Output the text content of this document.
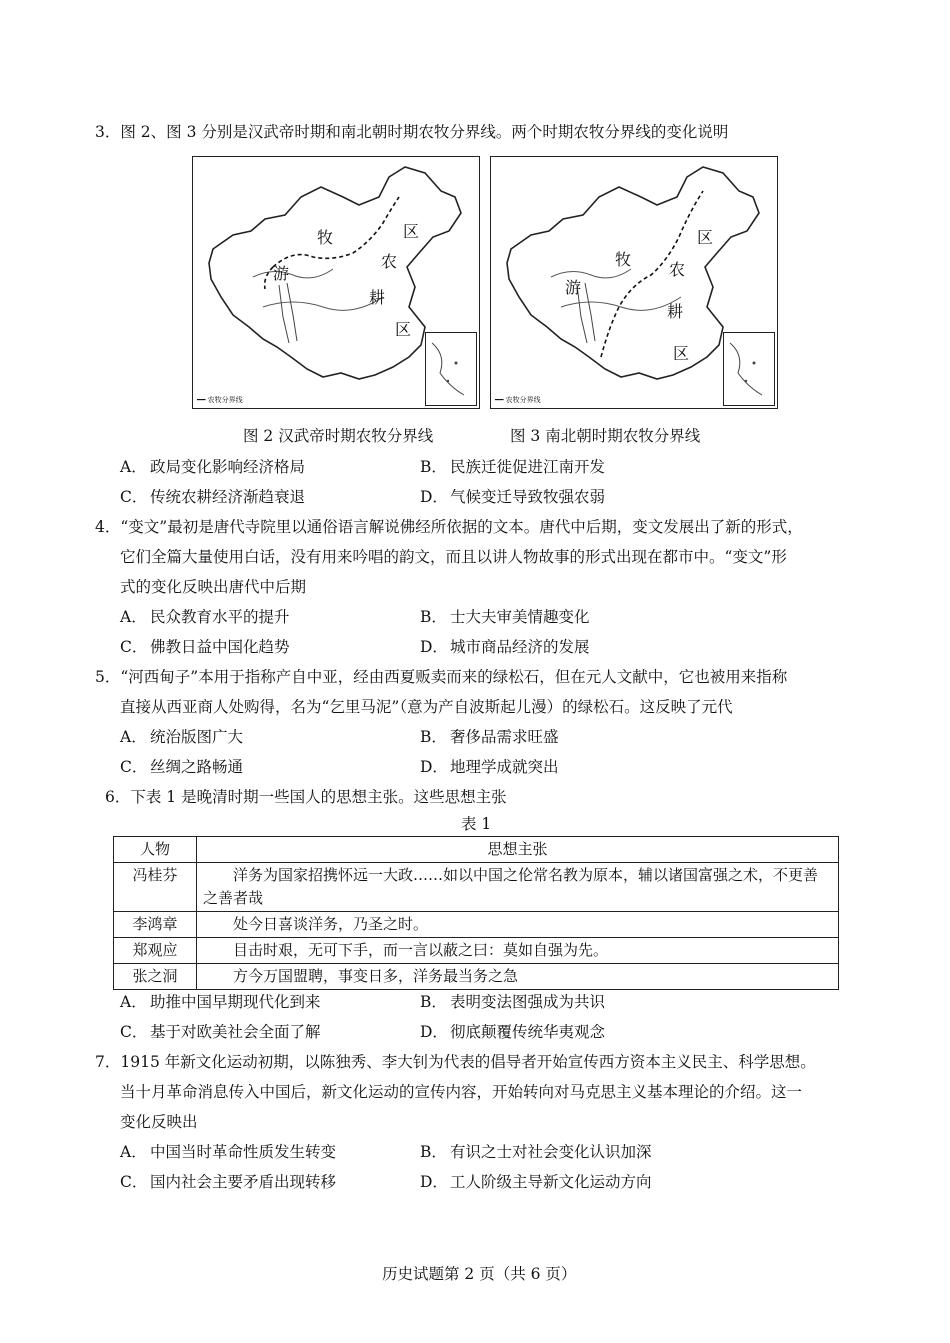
3．图 2、图 3 分别是汉武帝时期和南北朝时期农牧分界线。两个时期农牧分界线的变化说明
牧	区
游
农
耕
区
━━ 农牧分界线
牧
区
游
农
耕
区
━━ 农牧分界线
图 2 汉武帝时期农牧分界线	图 3 南北朝时期农牧分界线
A． 政局变化影响经济格局	B． 民族迁徙促进江南开发
C． 传统农耕经济渐趋衰退	D． 气候变迁导致牧强农弱
4．“变文”最初是唐代寺院里以通俗语言解说佛经所依据的文本。唐代中后期，变文发展出了新的形式，
它们全篇大量使用白话，没有用来吟唱的韵文，而且以讲人物故事的形式出现在都市中。“变文”形
式的变化反映出唐代中后期
A． 民众教育水平的提升	B． 士大夫审美情趣变化
C． 佛教日益中国化趋势	D． 城市商品经济的发展
5．“河西甸子”本用于指称产自中亚，经由西夏贩卖而来的绿松石，但在元人文献中，它也被用来指称
直接从西亚商人处购得，名为“乞里马泥”（意为产自波斯起儿漫）的绿松石。这反映了元代
A． 统治版图广大	B． 奢侈品需求旺盛
C． 丝绸之路畅通	D． 地理学成就突出
6．下表 1 是晚清时期一些国人的思想主张。这些思想主张
表 1
人物	思想主张
冯桂芬	洋务为国家招携怀远一大政……如以中国之伦常名教为原本，辅以诸国富强之术，不更善之善者哉
李鸿章	处今日喜谈洋务，乃圣之时。
郑观应	目击时艰，无可下手，而一言以蔽之曰：莫如自强为先。
张之洞	方今万国盟聘，事变日多，洋务最当务之急
A． 助推中国早期现代化到来	B． 表明变法图强成为共识
C． 基于对欧美社会全面了解	D． 彻底颠覆传统华夷观念
7．1915 年新文化运动初期，以陈独秀、李大钊为代表的倡导者开始宣传西方资本主义民主、科学思想。
当十月革命消息传入中国后，新文化运动的宣传内容，开始转向对马克思主义基本理论的介绍。这一
变化反映出
A． 中国当时革命性质发生转变	B． 有识之士对社会变化认识加深
C． 国内社会主要矛盾出现转移	D． 工人阶级主导新文化运动方向
历史试题第 2 页（共 6 页）
